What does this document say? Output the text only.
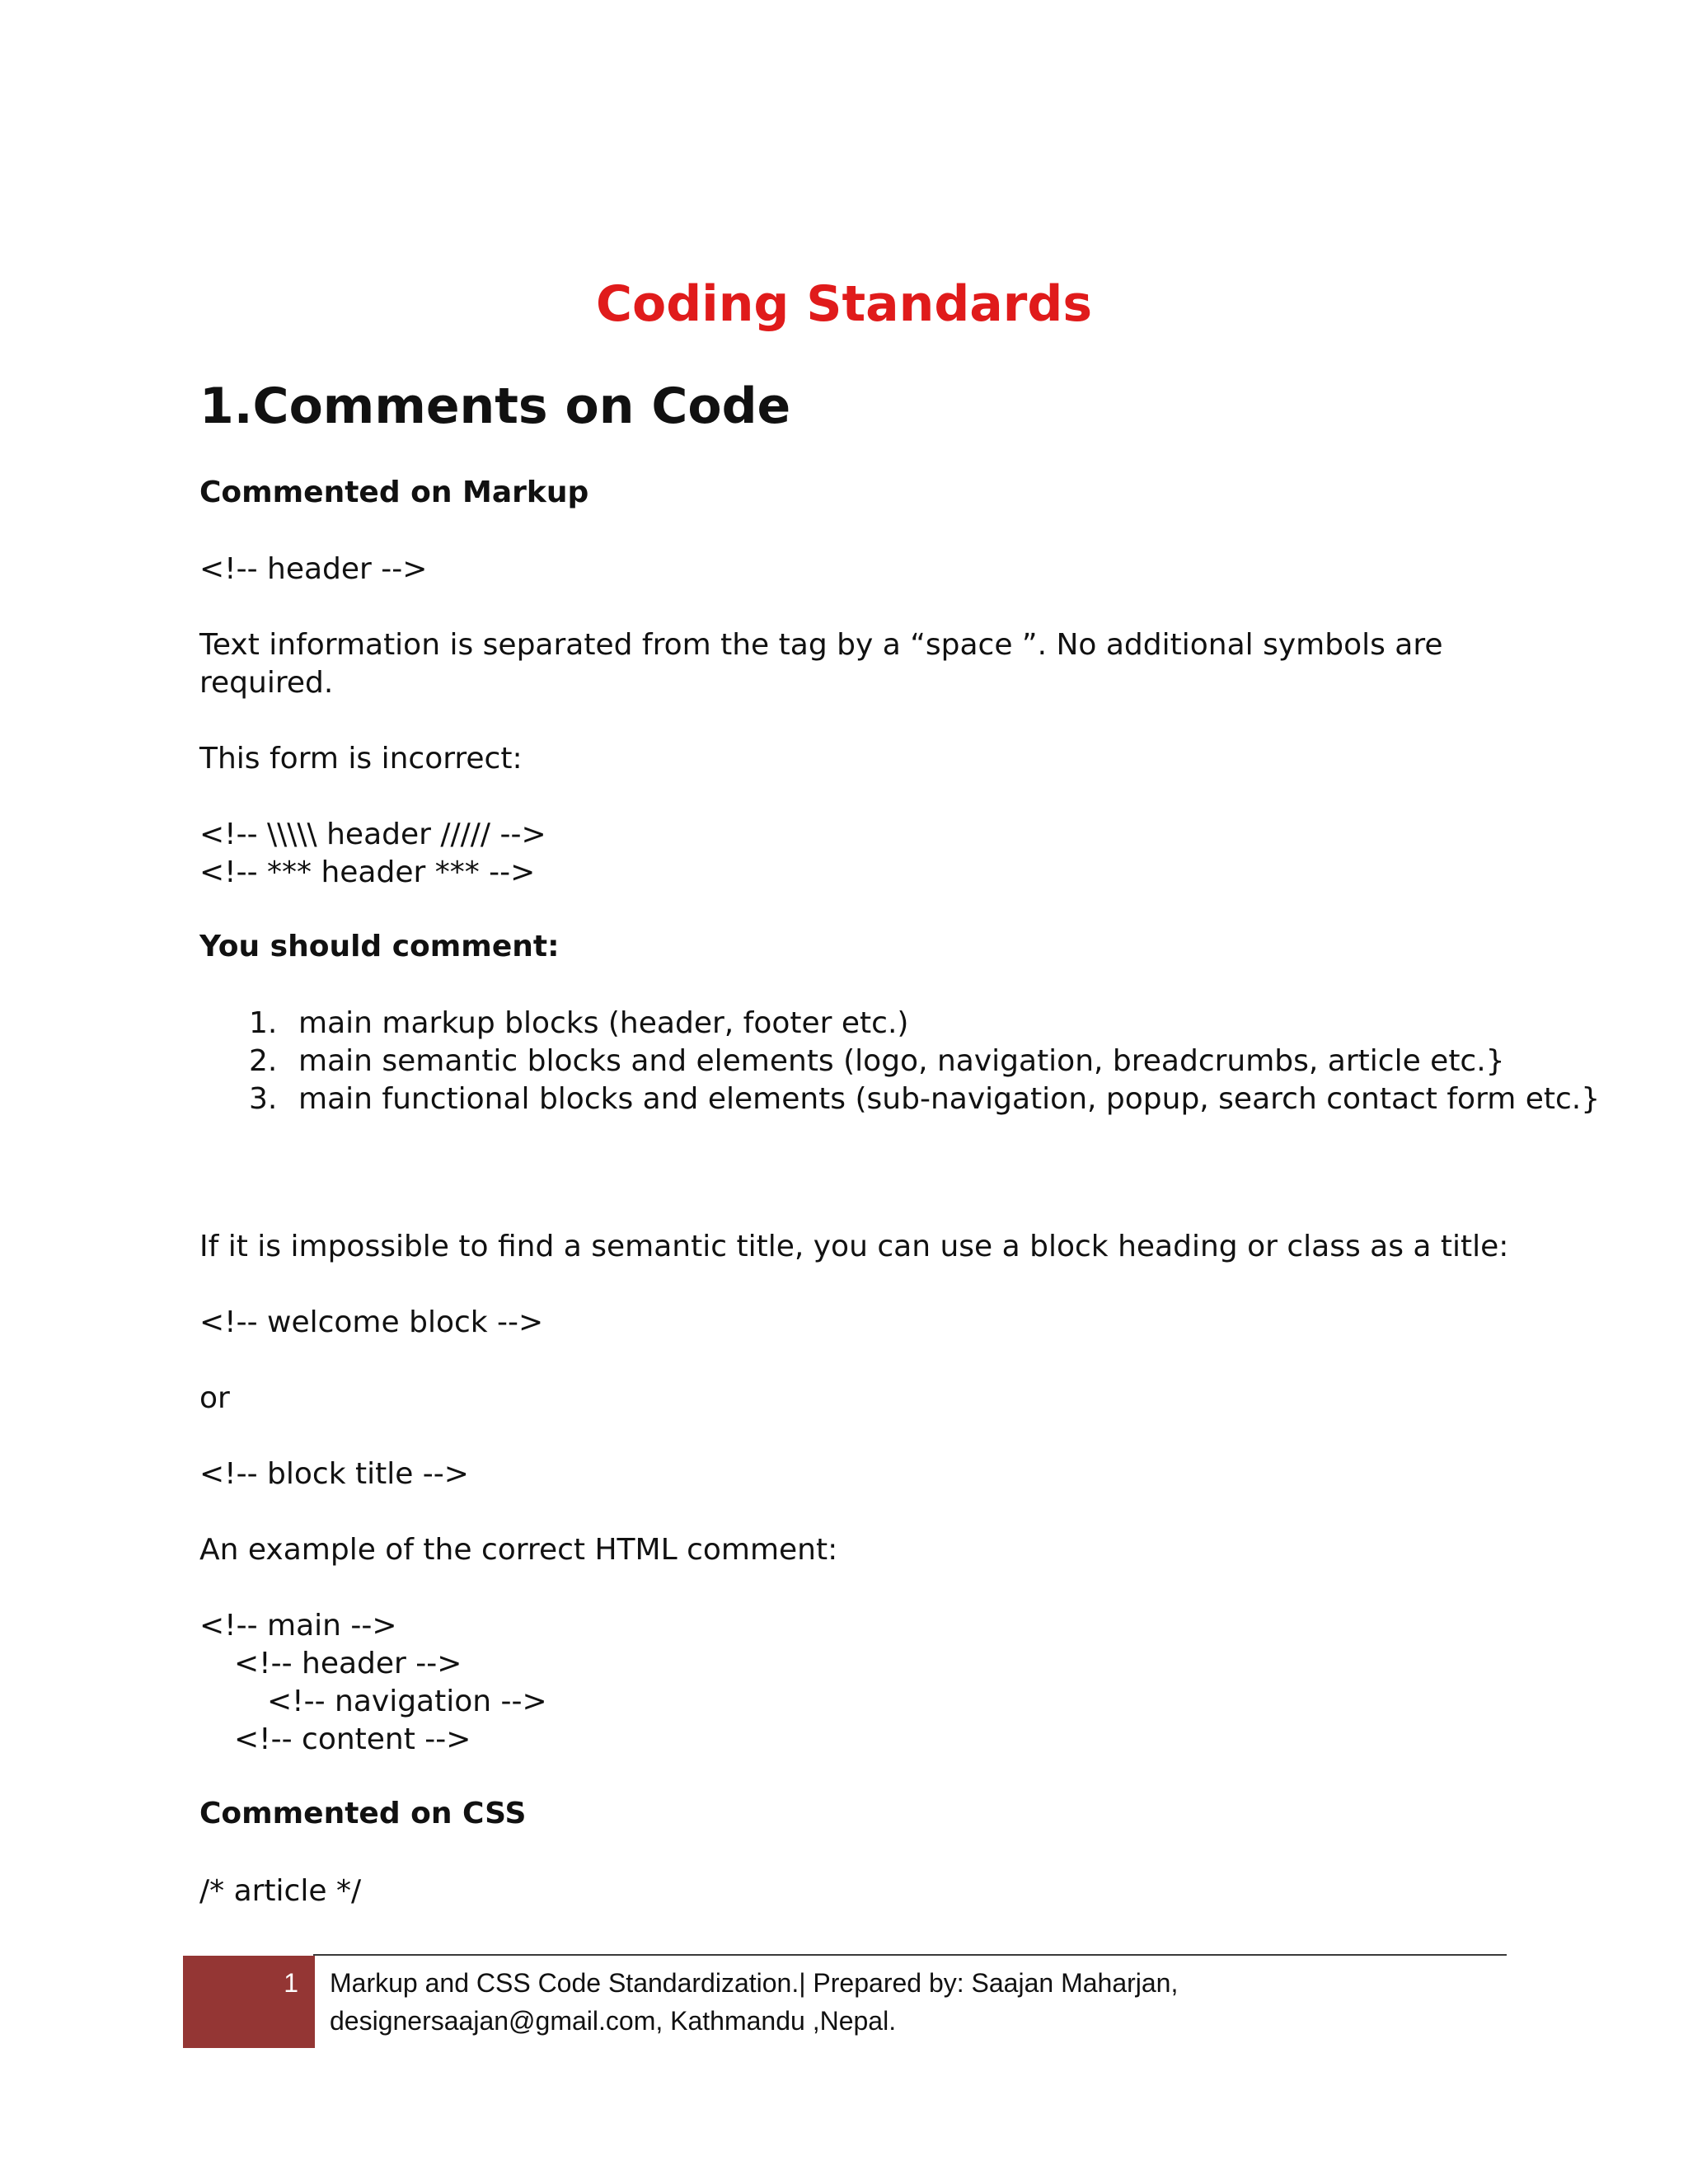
Coding Standards
1.Comments on Code
Commented on Markup
<!-- header -->

Text information is separated from the tag by a “space ”. No additional symbols are required.

This form is incorrect:
<!-- \\\\\ header ///// -->
<!-- *** header *** -->
You should comment:
1. main markup blocks (header, footer etc.)
2. main semantic blocks and elements (logo, navigation, breadcrumbs, article etc.}
3. main functional blocks and elements (sub-navigation, popup, search contact form etc.}

If it is impossible to find a semantic title, you can use a block heading or class as a title:

<!-- welcome block -->
or
<!-- block title -->
An example of the correct HTML comment:
<!-- main -->
<!-- header -->
<!-- navigation -->
<!-- content -->
Commented on CSS
/* article */
1 Markup and CSS Code Standardization.| Prepared by: Saajan Maharjan, designersaajan@gmail.com, Kathmandu ,Nepal.
